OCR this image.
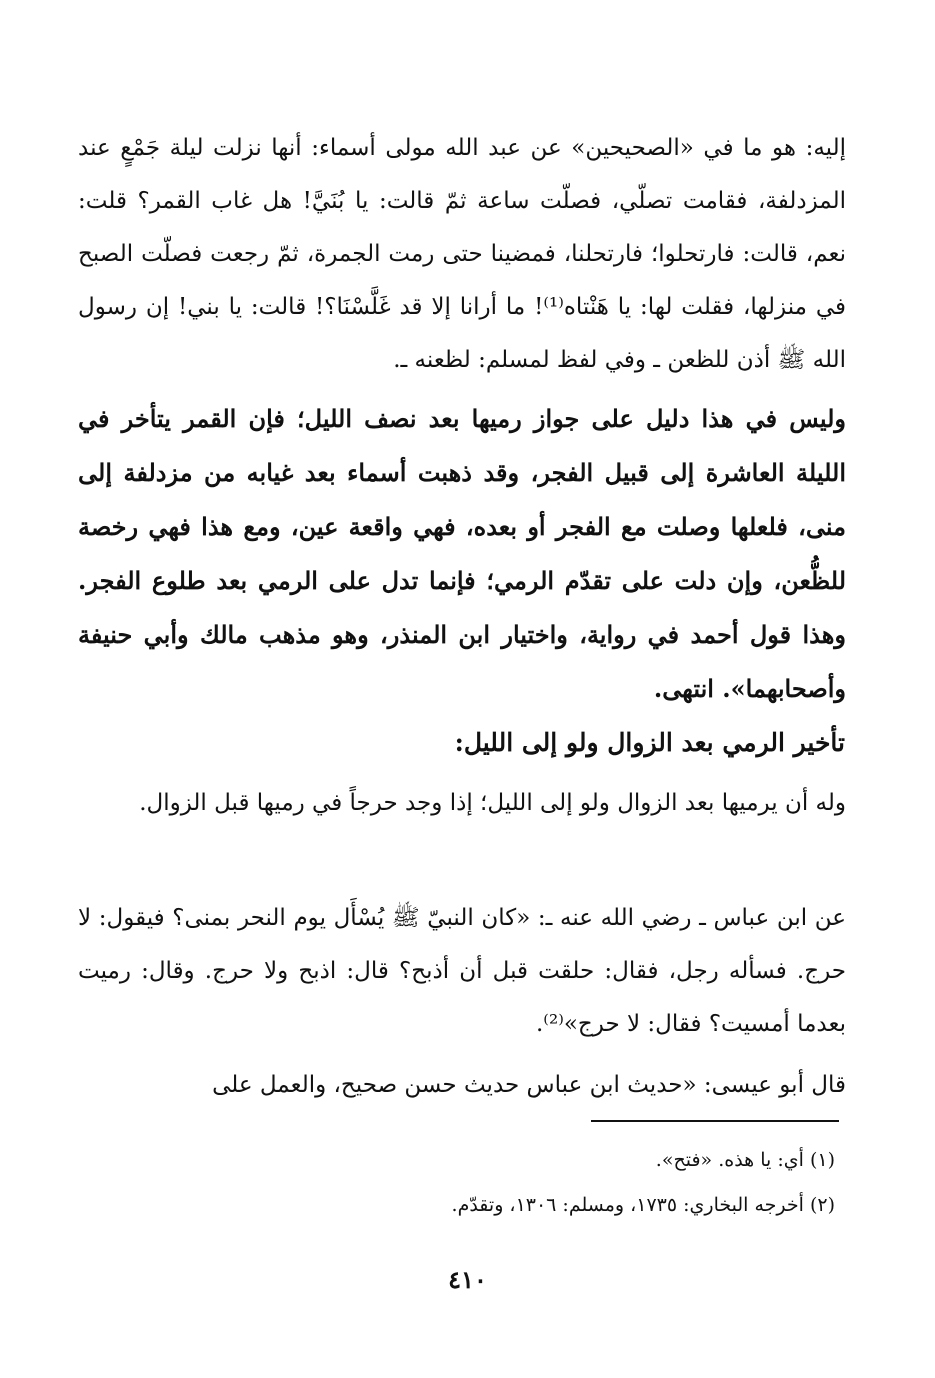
إليه: هو ما في «الصحيحين» عن عبد الله مولى أسماء: أنها نزلت ليلة جَمْعٍ عند المزدلفة، فقامت تصلّي، فصلّت ساعة ثمّ قالت: يا بُنَيَّ! هل غاب القمر؟ قلت: نعم، قالت: فارتحلوا؛ فارتحلنا، فمضينا حتى رمت الجمرة، ثمّ رجعت فصلّت الصبح في منزلها، فقلت لها: يا هَنْتاه⁽¹⁾! ما أرانا إلا قد غَلَّسْنَا؟! قالت: يا بني! إن رسول الله ﷺ أذن للظعن ـ وفي لفظ لمسلم: لظعنه ـ.

وليس في هذا دليل على جواز رميها بعد نصف الليل؛ فإن القمر يتأخر في الليلة العاشرة إلى قبيل الفجر، وقد ذهبت أسماء بعد غيابه من مزدلفة إلى منى، فلعلها وصلت مع الفجر أو بعده، فهي واقعة عين، ومع هذا فهي رخصة للظُّعن، وإن دلت على تقدّم الرمي؛ فإنما تدل على الرمي بعد طلوع الفجر. وهذا قول أحمد في رواية، واختيار ابن المنذر، وهو مذهب مالك وأبي حنيفة وأصحابهما». انتهى.

تأخير الرمي بعد الزوال ولو إلى الليل:

وله أن يرميها بعد الزوال ولو إلى الليل؛ إذا وجد حرجاً في رميها قبل الزوال.

عن ابن عباس ـ رضي الله عنه ـ: «كان النبيّ ﷺ يُسْأَل يوم النحر بمنى؟ فيقول: لا حرج. فسأله رجل، فقال: حلقت قبل أن أذبح؟ قال: اذبح ولا حرج. وقال: رميت بعدما أمسيت؟ فقال: لا حرج»⁽²⁾.

قال أبو عيسى: «حديث ابن عباس حديث حسن صحيح، والعمل على

(١) أي: يا هذه. «فتح».

(٢) أخرجه البخاري: ١٧٣٥، ومسلم: ١٣٠٦، وتقدّم.

٤١٠
